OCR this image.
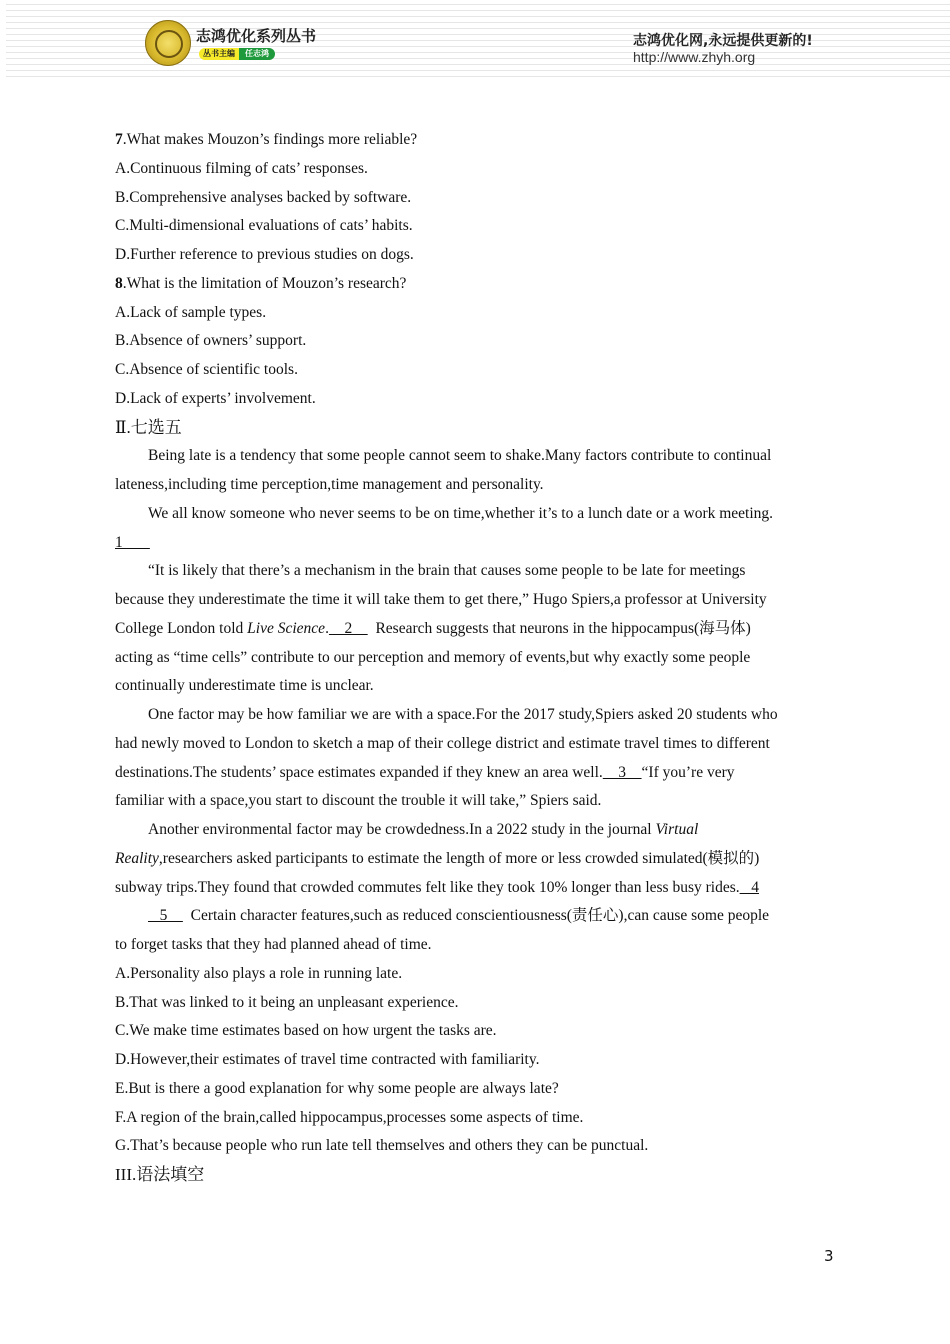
志鸿优化系列丛书
丛书主编	任志鸿
志鸿优化网,永远提供更新的!
http://www.zhyh.org
7.What makes Mouzon’s findings more reliable?
A.Continuous filming of cats’ responses.
B.Comprehensive analyses backed by software.
C.Multi-dimensional evaluations of cats’ habits.
D.Further reference to previous studies on dogs.
8.What is the limitation of Mouzon’s research?
A.Lack of sample types.
B.Absence of owners’ support.
C.Absence of scientific tools.
D.Lack of experts’ involvement.
Ⅱ.七选五
Being late is a tendency that some people cannot seem to shake.Many factors contribute to continual
lateness,including time perception,time management and personality.
We all know someone who never seems to be on time,whether it’s to a lunch date or a work meeting.
1
“It is likely that there’s a mechanism in the brain that causes some people to be late for meetings
because they underestimate the time it will take them to get there,” Hugo Spiers,a professor at University
College London told Live Science.    2      Research suggests that neurons in the hippocampus(海马体)
acting as “time cells” contribute to our perception and memory of events,but why exactly some people
continually underestimate time is unclear.
One factor may be how familiar we are with a space.For the 2017 study,Spiers asked 20 students who
had newly moved to London to sketch a map of their college district and estimate travel times to different
destinations.The students’ space estimates expanded if they knew an area well.    3    “If you’re very
familiar with a space,you start to discount the trouble it will take,” Spiers said.
Another environmental factor may be crowdedness.In a 2022 study in the journal Virtual
Reality,researchers asked participants to estimate the length of more or less crowded simulated(模拟的)
subway trips.They found that crowded commutes felt like they took 10% longer than less busy rides.   4
5      Certain character features,such as reduced conscientiousness(责任心),can cause some people
to forget tasks that they had planned ahead of time.
A.Personality also plays a role in running late.
B.That was linked to it being an unpleasant experience.
C.We make time estimates based on how urgent the tasks are.
D.However,their estimates of travel time contracted with familiarity.
E.But is there a good explanation for why some people are always late?
F.A region of the brain,called hippocampus,processes some aspects of time.
G.That’s because people who run late tell themselves and others they can be punctual.
III.语法填空
3
